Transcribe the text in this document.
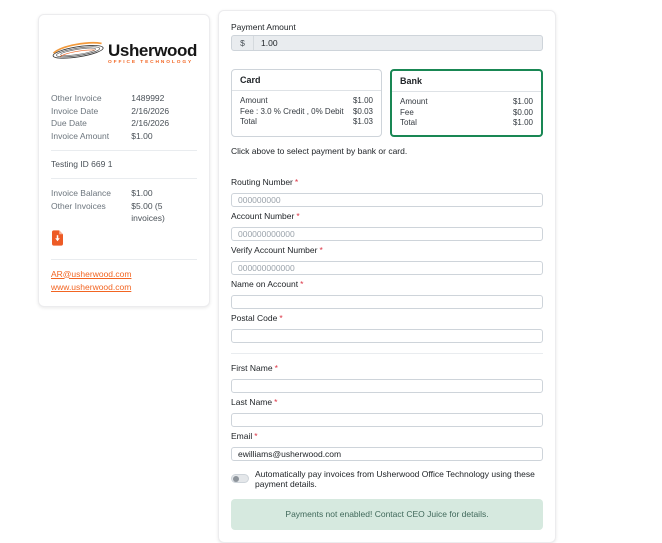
Usherwood
OFFICE TECHNOLOGY
Other Invoice	1489992
Invoice Date	2/16/2026
Due Date	2/16/2026
Invoice Amount	$1.00
Testing ID 669 1
Invoice Balance	$1.00
Other Invoices	$5.00 (5 invoices)
AR@usherwood.com
www.usherwood.com
Payment Amount
$
1.00
Card
Amount	$1.00
Fee : 3.0 % Credit , 0% Debit $0.03
Total	$1.03
Bank
Amount	$1.00
Fee	$0.00
Total	$1.00

Click above to select payment by bank or card.

Routing Number *
000000000
Account Number *
000000000000
Verify Account Number *
000000000000
Name on Account *
Postal Code *
First Name *
Last Name *
Email *
ewilliams@usherwood.com
Automatically pay invoices from Usherwood Office Technology using these payment details.
Payments not enabled! Contact CEO Juice for details.
